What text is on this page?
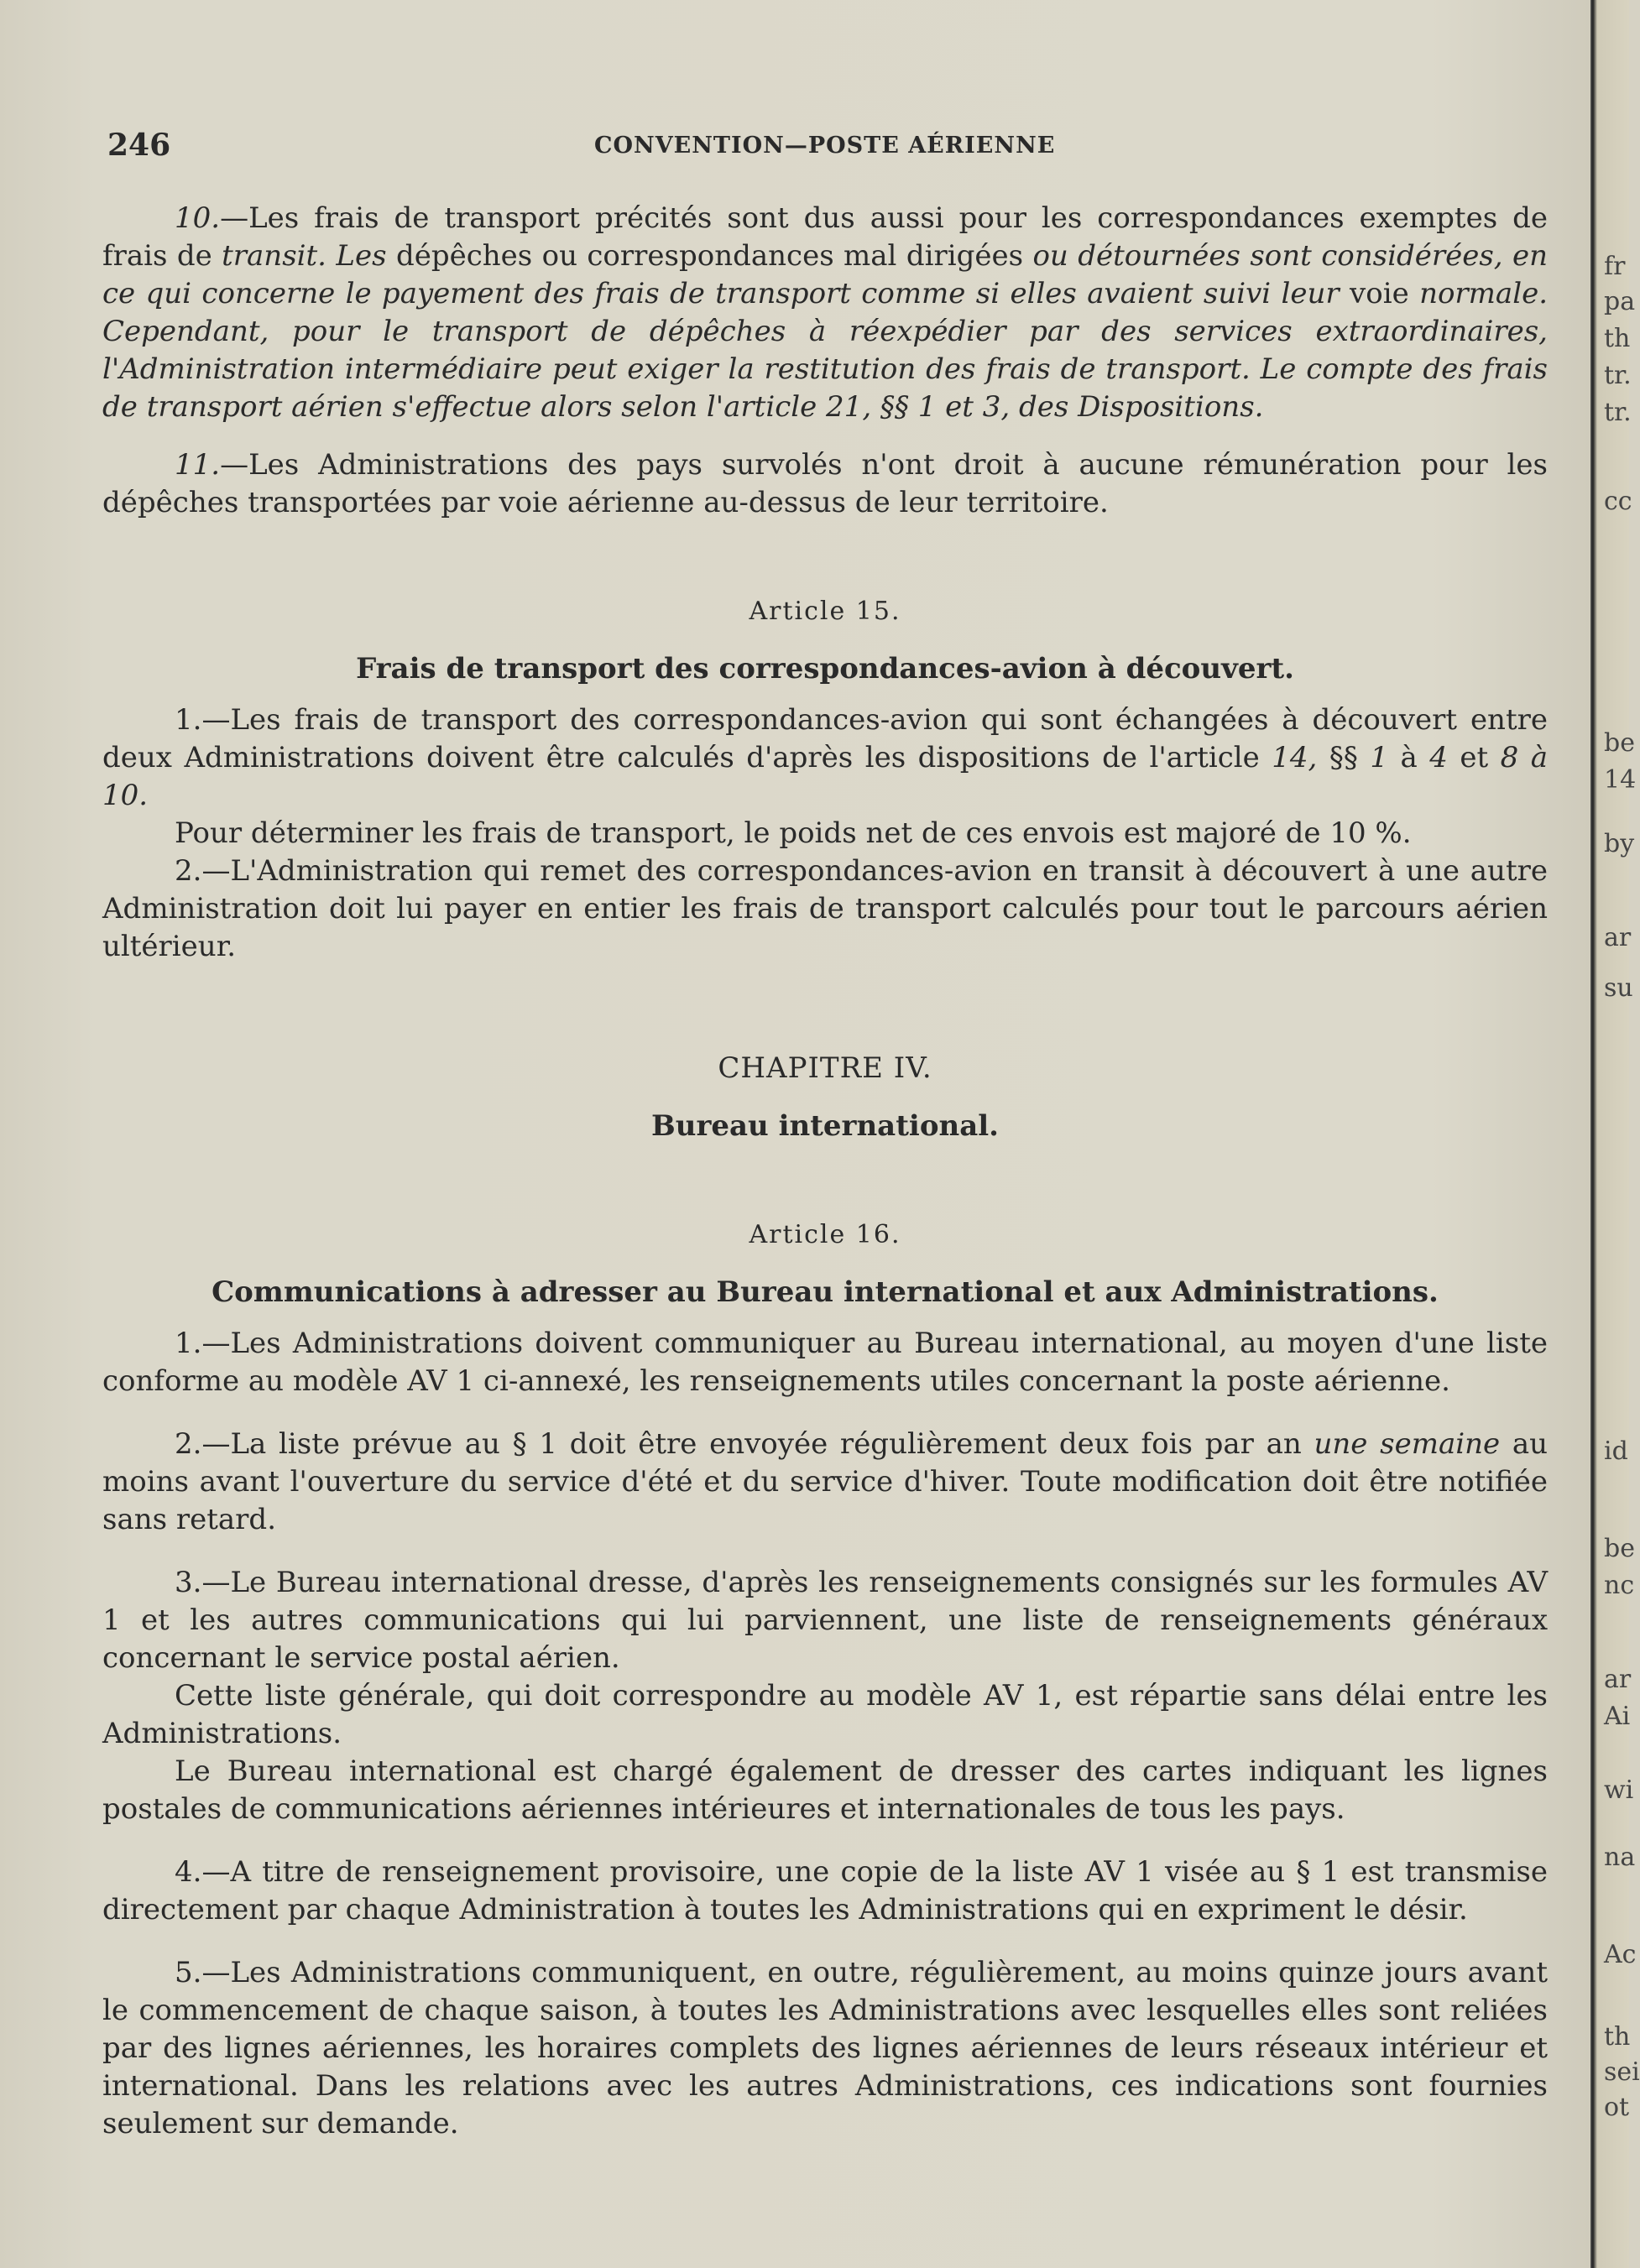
246	CONVENTION—POSTE AÉRIENNE

10.—Les frais de transport précités sont dus aussi pour les correspondances exemptes de frais de transit. Les dépêches ou correspondances mal dirigées ou détournées sont considérées, en ce qui concerne le payement des frais de transport comme si elles avaient suivi leur voie normale. Cependant, pour le transport de dépêches à réexpédier par des services extraordinaires, l'Administration intermédiaire peut exiger la restitution des frais de transport. Le compte des frais de transport aérien s'effectue alors selon l'article 21, §§ 1 et 3, des Dispositions.

11.—Les Administrations des pays survolés n'ont droit à aucune rémunération pour les dépêches transportées par voie aérienne au-dessus de leur territoire.

Article 15.

Frais de transport des correspondances-avion à découvert.

1.—Les frais de transport des correspondances-avion qui sont échangées à découvert entre deux Administrations doivent être calculés d'après les dispositions de l'article 14, §§ 1 à 4 et 8 à 10.

Pour déterminer les frais de transport, le poids net de ces envois est majoré de 10 %.

2.—L'Administration qui remet des correspondances-avion en transit à découvert à une autre Administration doit lui payer en entier les frais de transport calculés pour tout le parcours aérien ultérieur.

CHAPITRE IV.

Bureau international.

Article 16.

Communications à adresser au Bureau international et aux Administrations.

1.—Les Administrations doivent communiquer au Bureau international, au moyen d'une liste conforme au modèle AV 1 ci-annexé, les renseignements utiles concernant la poste aérienne.

2.—La liste prévue au § 1 doit être envoyée régulièrement deux fois par an une semaine au moins avant l'ouverture du service d'été et du service d'hiver. Toute modification doit être notifiée sans retard.

3.—Le Bureau international dresse, d'après les renseignements consignés sur les formules AV 1 et les autres communications qui lui parviennent, une liste de renseignements généraux concernant le service postal aérien.

Cette liste générale, qui doit correspondre au modèle AV 1, est répartie sans délai entre les Administrations.

Le Bureau international est chargé également de dresser des cartes indiquant les lignes postales de communications aériennes intérieures et internationales de tous les pays.

4.—A titre de renseignement provisoire, une copie de la liste AV 1 visée au § 1 est transmise directement par chaque Administration à toutes les Administrations qui en expriment le désir.

5.—Les Administrations communiquent, en outre, régulièrement, au moins quinze jours avant le commencement de chaque saison, à toutes les Administrations avec lesquelles elles sont reliées par des lignes aériennes, les horaires complets des lignes aériennes de leurs réseaux intérieur et international. Dans les relations avec les autres Administrations, ces indications sont fournies seulement sur demande.

fr
pa
th
tr.
tr.
cc
be
14
by
ar
su
id
be
nc
ar
Ai
wi
na
Ac
th
sei
ot
